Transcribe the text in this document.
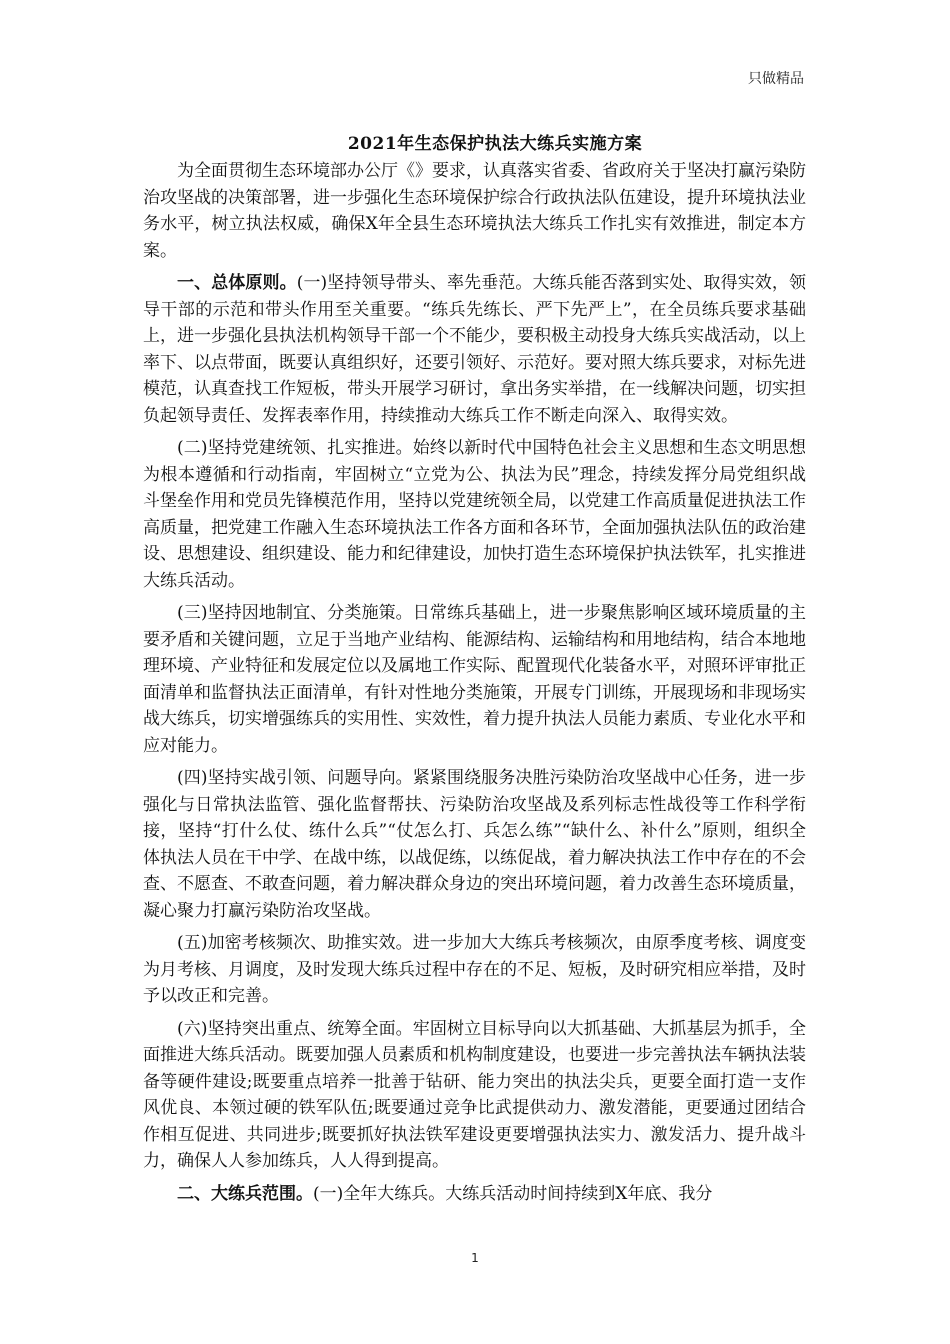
只做精品
2021年生态保护执法大练兵实施方案

为全面贯彻生态环境部办公厅《》要求，认真落实省委、省政府关于坚决打赢污染防治攻坚战的决策部署，进一步强化生态环境保护综合行政执法队伍建设，提升环境执法业务水平，树立执法权威，确保X年全县生态环境执法大练兵工作扎实有效推进，制定本方案。

一、总体原则。(一)坚持领导带头、率先垂范。大练兵能否落到实处、取得实效，领导干部的示范和带头作用至关重要。“练兵先练长、严下先严上”，在全员练兵要求基础上，进一步强化县执法机构领导干部一个不能少，要积极主动投身大练兵实战活动，以上率下、以点带面，既要认真组织好，还要引领好、示范好。要对照大练兵要求，对标先进模范，认真查找工作短板，带头开展学习研讨，拿出务实举措，在一线解决问题，切实担负起领导责任、发挥表率作用，持续推动大练兵工作不断走向深入、取得实效。

(二)坚持党建统领、扎实推进。始终以新时代中国特色社会主义思想和生态文明思想为根本遵循和行动指南，牢固树立“立党为公、执法为民”理念，持续发挥分局党组织战斗堡垒作用和党员先锋模范作用，坚持以党建统领全局，以党建工作高质量促进执法工作高质量，把党建工作融入生态环境执法工作各方面和各环节，全面加强执法队伍的政治建设、思想建设、组织建设、能力和纪律建设，加快打造生态环境保护执法铁军，扎实推进大练兵活动。

(三)坚持因地制宜、分类施策。日常练兵基础上，进一步聚焦影响区域环境质量的主要矛盾和关键问题，立足于当地产业结构、能源结构、运输结构和用地结构，结合本地地理环境、产业特征和发展定位以及属地工作实际、配置现代化装备水平，对照环评审批正面清单和监督执法正面清单，有针对性地分类施策，开展专门训练，开展现场和非现场实战大练兵，切实增强练兵的实用性、实效性，着力提升执法人员能力素质、专业化水平和应对能力。

(四)坚持实战引领、问题导向。紧紧围绕服务决胜污染防治攻坚战中心任务，进一步强化与日常执法监管、强化监督帮扶、污染防治攻坚战及系列标志性战役等工作科学衔接，坚持“打什么仗、练什么兵”“仗怎么打、兵怎么练”“缺什么、补什么”原则，组织全体执法人员在干中学、在战中练，以战促练，以练促战，着力解决执法工作中存在的不会查、不愿查、不敢查问题，着力解决群众身边的突出环境问题，着力改善生态环境质量，凝心聚力打赢污染防治攻坚战。

(五)加密考核频次、助推实效。进一步加大大练兵考核频次，由原季度考核、调度变为月考核、月调度，及时发现大练兵过程中存在的不足、短板，及时研究相应举措，及时予以改正和完善。

(六)坚持突出重点、统筹全面。牢固树立目标导向以大抓基础、大抓基层为抓手，全面推进大练兵活动。既要加强人员素质和机构制度建设，也要进一步完善执法车辆执法装备等硬件建设;既要重点培养一批善于钻研、能力突出的执法尖兵，更要全面打造一支作风优良、本领过硬的铁军队伍;既要通过竞争比武提供动力、激发潜能，更要通过团结合作相互促进、共同进步;既要抓好执法铁军建设更要增强执法实力、激发活力、提升战斗力，确保人人参加练兵，人人得到提高。

二、大练兵范围。(一)全年大练兵。大练兵活动时间持续到X年底、我分

1
